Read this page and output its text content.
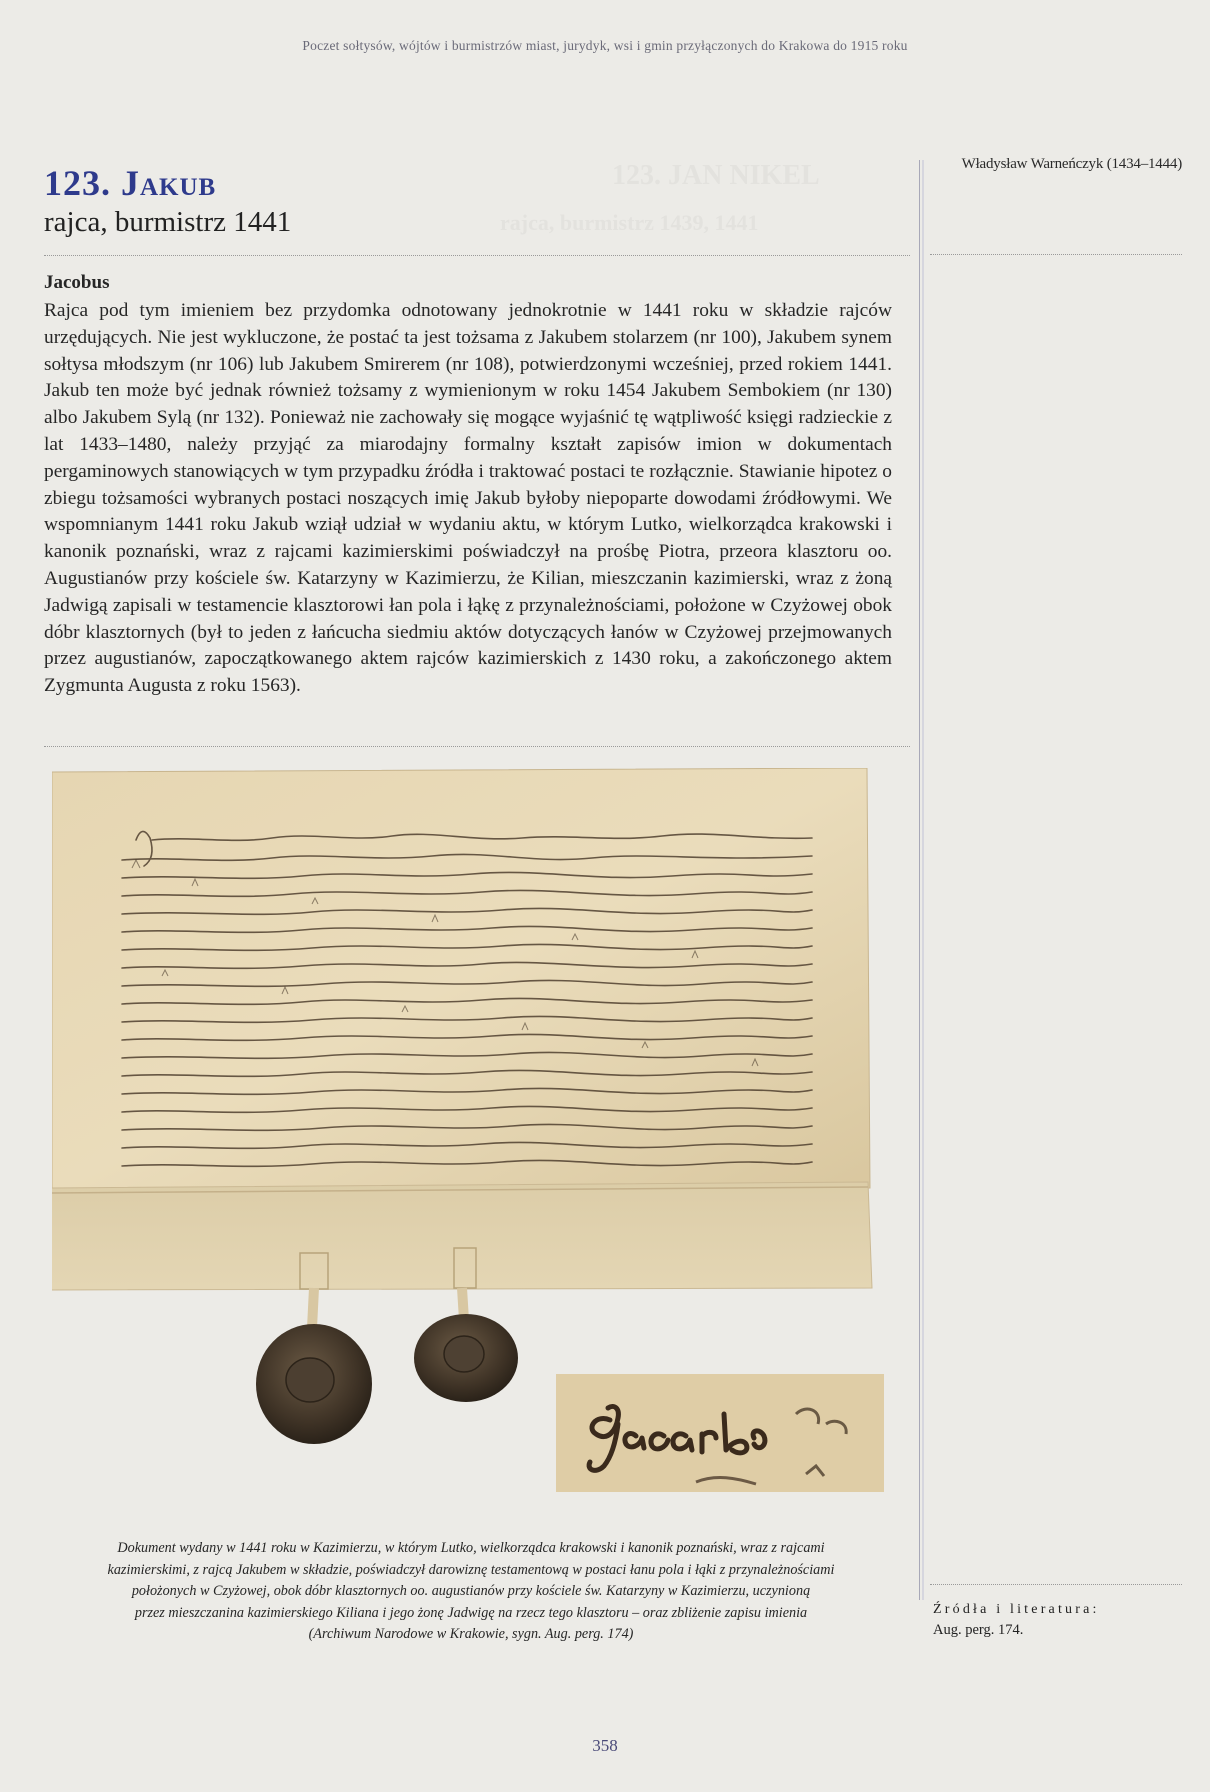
Poczet sołtysów, wójtów i burmistrzów miast, jurydyk, wsi i gmin przyłączonych do Krakowa do 1915 roku
123. JAN NIKEL
rajca, burmistrz 1439, 1441
123. Jakub
rajca, burmistrz 1441
Władysław Warneńczyk (1434–1444)
Jacobus
Rajca pod tym imieniem bez przydomka odnotowany jednokrotnie w 1441 roku w składzie rajców urzędujących. Nie jest wykluczone, że postać ta jest tożsama z Jakubem stolarzem (nr 100), Jakubem synem sołtysa młodszym (nr 106) lub Jakubem Smirerem (nr 108), potwierdzonymi wcześniej, przed rokiem 1441. Jakub ten może być jednak również tożsamy z wymienionym w roku 1454 Jakubem Sembokiem (nr 130) albo Jakubem Sylą (nr 132). Ponieważ nie zachowały się mogące wyjaśnić tę wątpliwość księgi radzieckie z lat 1433–1480, należy przyjąć za miarodajny formalny kształt zapisów imion w dokumentach pergaminowych stanowiących w tym przypadku źródła i traktować postaci te rozłącznie. Stawianie hipotez o zbiegu tożsamości wybranych postaci noszących imię Jakub byłoby niepoparte dowodami źródłowymi. We wspomnianym 1441 roku Jakub wziął udział w wydaniu aktu, w którym Lutko, wielkorządca krakowski i kanonik poznański, wraz z rajcami kazimierskimi poświadczył na prośbę Piotra, przeora klasztoru oo. Augustianów przy kościele św. Katarzyny w Kazimierzu, że Kilian, mieszczanin kazimierski, wraz z żoną Jadwigą zapisali w testamencie klasztorowi łan pola i łąkę z przynależnościami, położone w Czyżowej obok dóbr klasztornych (był to jeden z łańcucha siedmiu aktów dotyczących łanów w Czyżowej przejmowanych przez augustianów, zapoczątkowanego aktem rajców kazimierskich z 1430 roku, a zakończonego aktem Zygmunta Augusta z roku 1563).
Dokument wydany w 1441 roku w Kazimierzu, w którym Lutko, wielkorządca krakowski i kanonik poznański, wraz z rajcami
kazimierskimi, z rajcą Jakubem w składzie, poświadczył darowiznę testamentową w postaci łanu pola i łąki z przynależnościami
położonych w Czyżowej, obok dóbr klasztornych oo. augustianów przy kościele św. Katarzyny w Kazimierzu, uczynioną
przez mieszczanina kazimierskiego Kiliana i jego żonę Jadwigę na rzecz tego klasztoru – oraz zbliżenie zapisu imienia
(Archiwum Narodowe w Krakowie, sygn. Aug. perg. 174)
Źródła i literatura:
Aug. perg. 174.
358
